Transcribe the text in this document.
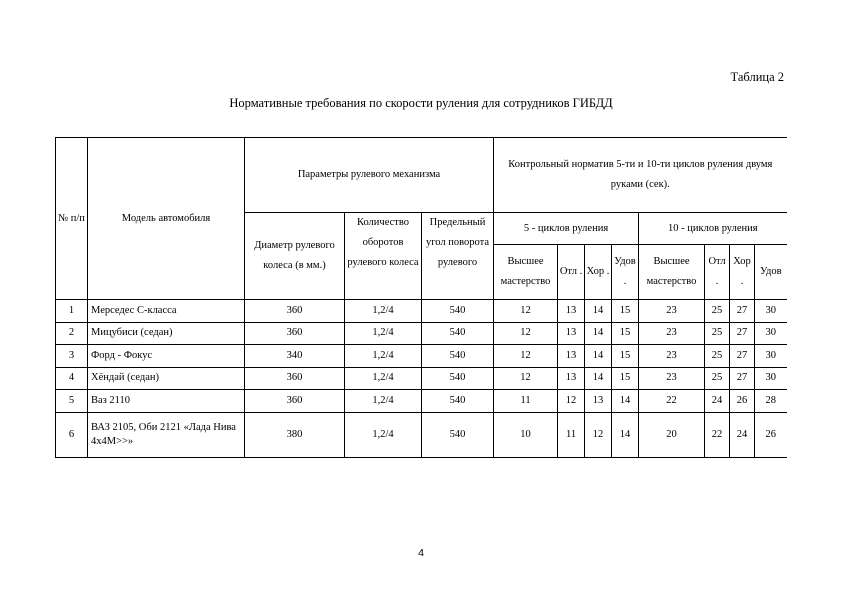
Таблица 2
Нормативные требования по скорости руления для сотрудников ГИБДД
№ п/п	Модель автомобиля	Параметры рулевого механизма			Контрольный норматив 5-ти и 10-ти циклов руления двумя руками (сек).							
		Диаметр рулевого колеса (в мм.)	Количество оборотов рулевого колеса	Предельный угол поворота рулевого	5 - циклов руления				10 - циклов руления			
					Высшее мастерство	Отл .	Хор .	Удов .	Высшее мастерство	Отл .	Хор .	Удов
1	Мерседес С-класса	360	1,2/4	540	12	13	14	15	23	25	27	30
2	Мицубиси (седан)	360	1,2/4	540	12	13	14	15	23	25	27	30
3	Форд - Фокус	340	1,2/4	540	12	13	14	15	23	25	27	30
4	Хёндай (седан)	360	1,2/4	540	12	13	14	15	23	25	27	30
5	Ваз 2110	360	1,2/4	540	11	12	13	14	22	24	26	28
6	ВАЗ 2105, Оби 2121 «Лада Нива 4x4М>>»	380	1,2/4	540	10	11	12	14	20	22	24	26
4
